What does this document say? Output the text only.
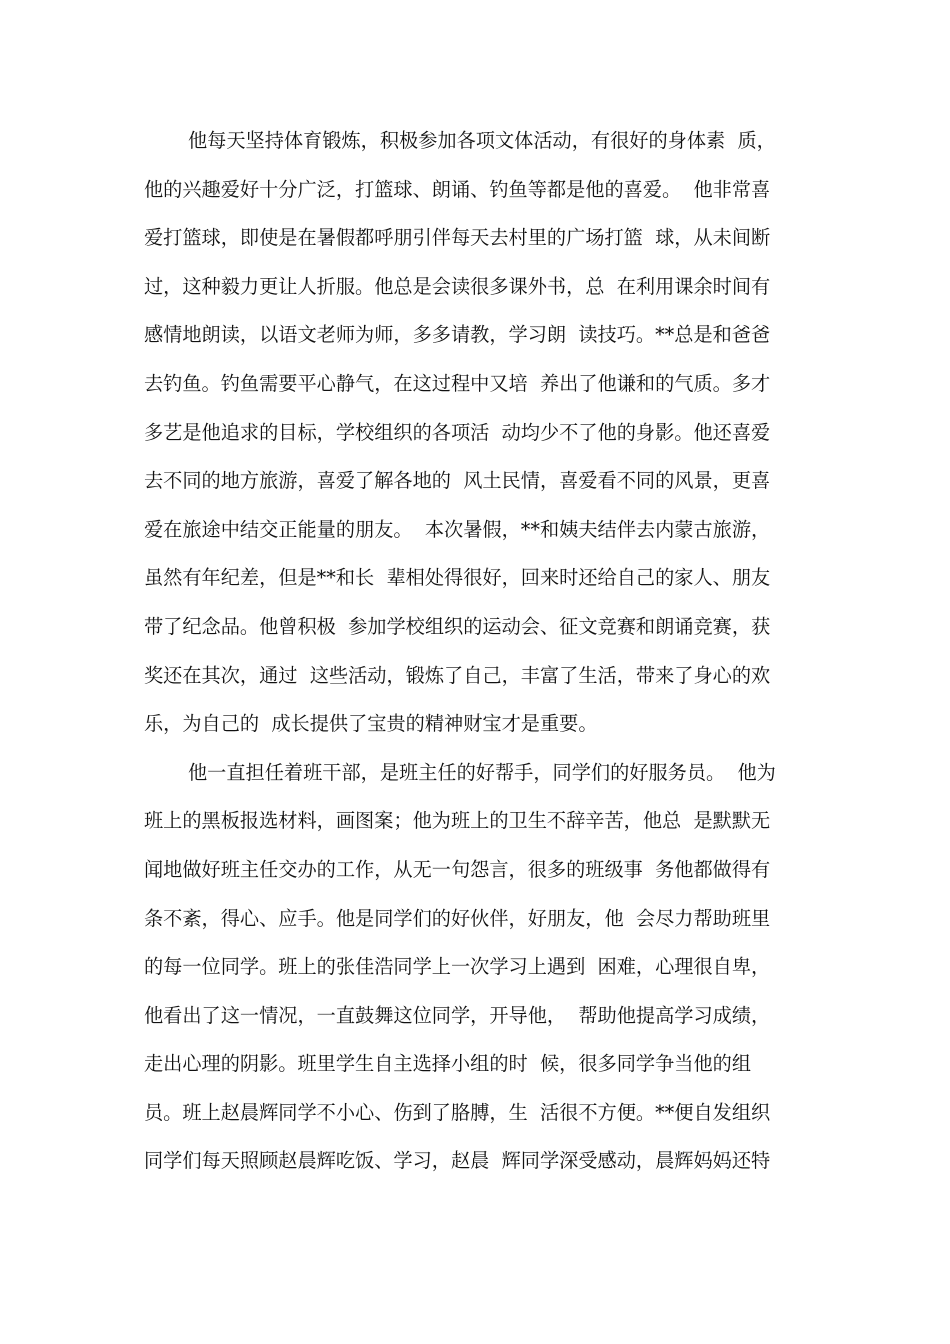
他每天坚持体育锻炼，积极参加各项文体活动，有很好的身体素  质，
他的兴趣爱好十分广泛，打篮球、朗诵、钓鱼等都是他的喜爱。  他非常喜
爱打篮球，即使是在暑假都呼朋引伴每天去村里的广场打篮  球，从未间断
过，这种毅力更让人折服。他总是会读很多课外书，总  在利用课余时间有
感情地朗读，以语文老师为师，多多请教，学习朗  读技巧。**总是和爸爸
去钓鱼。钓鱼需要平心静气，在这过程中又培  养出了他谦和的气质。多才
多艺是他追求的目标，学校组织的各项活  动均少不了他的身影。他还喜爱
去不同的地方旅游，喜爱了解各地的  风土民情，喜爱看不同的风景，更喜
爱在旅途中结交正能量的朋友。  本次暑假，**和姨夫结伴去内蒙古旅游，
虽然有年纪差，但是**和长  辈相处得很好，回来时还给自己的家人、朋友
带了纪念品。他曾积极  参加学校组织的运动会、征文竞赛和朗诵竞赛，获
奖还在其次，通过  这些活动，锻炼了自己，丰富了生活，带来了身心的欢
乐，为自己的  成长提供了宝贵的精神财宝才是重要。
他一直担任着班干部，是班主任的好帮手，同学们的好服务员。  他为
班上的黑板报选材料，画图案；他为班上的卫生不辞辛苦，他总  是默默无
闻地做好班主任交办的工作，从无一句怨言，很多的班级事  务他都做得有
条不紊，得心、应手。他是同学们的好伙伴，好朋友，他  会尽力帮助班里
的每一位同学。班上的张佳浩同学上一次学习上遇到  困难，心理很自卑，
他看出了这一情况，一直鼓舞这位同学，开导他，  帮助他提高学习成绩，
走出心理的阴影。班里学生自主选择小组的时  候，很多同学争当他的组
员。班上赵晨辉同学不小心、伤到了胳膊，生  活很不方便。**便自发组织
同学们每天照顾赵晨辉吃饭、学习，赵晨  辉同学深受感动，晨辉妈妈还特
